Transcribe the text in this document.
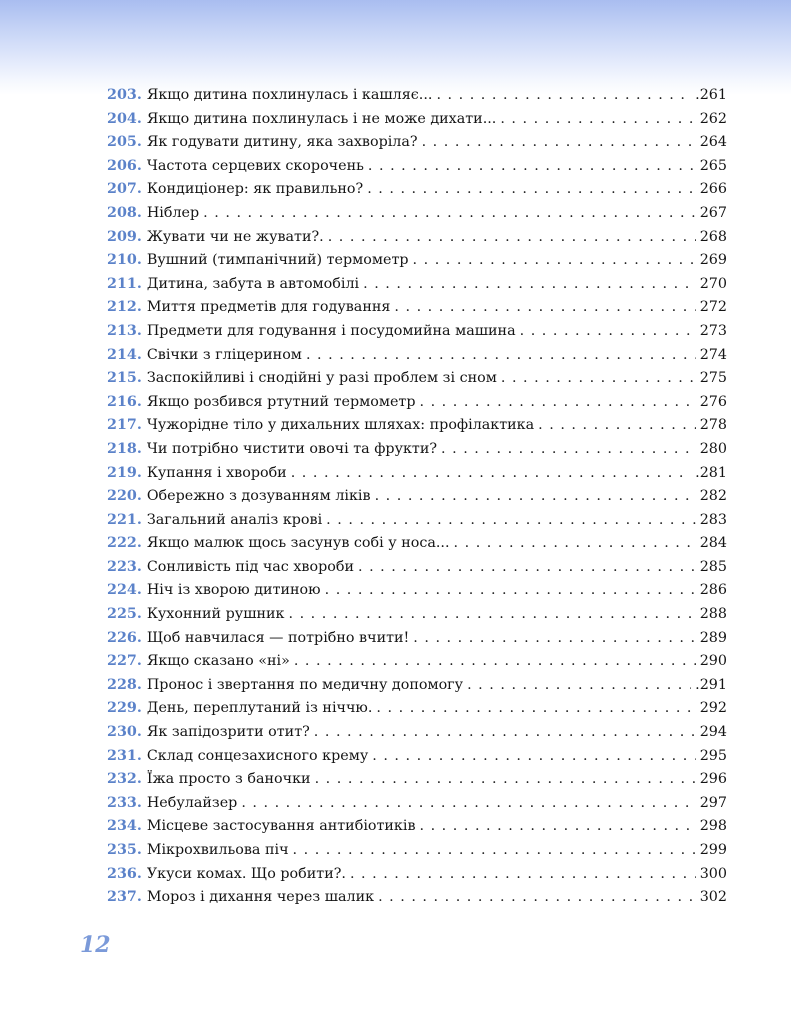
203. Якщо дитина похлинулась і кашляє... . . .	.261
204. Якщо дитина похлинулась і не може дихати... . . .	262
205. Як годувати дитину, яка захворіла? . . .	264
206. Частота серцевих скорочень . . .	265
207. Кондиціонер: як правильно? . . .	266
208. Ніблер . . .	267
209. Жувати чи не жувати?. . . .	268
210. Вушний (тимпанічний) термометр . . .	269
211. Дитина, забута в автомобілі . . .	270
212. Миття предметів для годування . . .	272
213. Предмети для годування і посудомийна машина . . .	273
214. Свічки з гліцерином . . .	274
215. Заспокійливі і снодійні у разі проблем зі сном . . .	275
216. Якщо розбився ртутний термометр . . .	276
217. Чужорідне тіло у дихальних шляхах: профілактика . . .	278
218. Чи потрібно чистити овочі та фрукти? . . .	280
219. Купання і хвороби . . .	.281
220. Обережно з дозуванням ліків . . .	282
221. Загальний аналіз крові . . .	283
222. Якщо малюк щось засунув собі у носа... . . .	284
223. Сонливість під час хвороби . . .	285
224. Ніч із хворою дитиною . . .	286
225. Кухонний рушник . . .	288
226. Щоб навчилася — потрібно вчити! . . .	289
227. Якщо сказано «ні» . . .	290
228. Пронос і звертання по медичну допомогу . . .	.291
229. День, переплутаний із ніччю. . . .	292
230. Як запідозрити отит? . . .	294
231. Склад сонцезахисного крему . . .	295
232. Їжа просто з баночки . . .	296
233. Небулайзер . . .	297
234. Місцеве застосування антибіотиків . . .	298
235. Мікрохвильова піч . . .	299
236. Укуси комах. Що робити?. . . .	300
237. Мороз і дихання через шалик . . .	302
12
